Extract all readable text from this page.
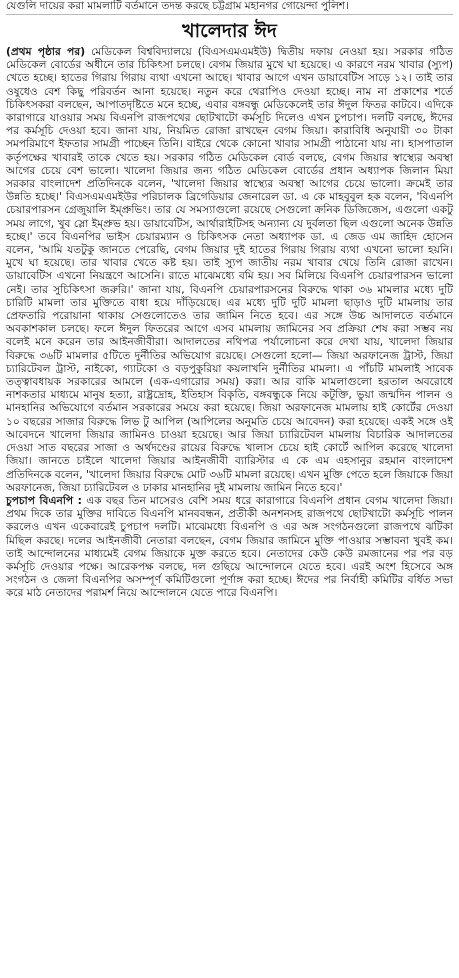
যেগুলি দায়ের করা মামলাটি বর্তমানে তদন্ত করছে চট্টগ্রাম মহানগর গোয়েন্দা পুলিশ।
খালেদার ঈদ

(প্রথম পৃষ্ঠার পর) মেডিকেল বিশ্ববিদ্যালয়ে (বিএসএমএমইউ) দ্বিতীয় দফায় নেওয়া হয়। সরকার গঠিত মেডিকেল বোর্ডের অধীনে তার চিকিৎসা চলছে। বেগম জিয়ার মুখে ঘা হয়েছে। এ কারণে নরম খাবার (স্যুপ) খেতে হচ্ছে। হাতের গিরায় গিরায় ব্যথা এখনো আছে। খাবার আগে এখন ডায়াবেটিস সাড়ে ১২। তাই তার ওষুধেও বেশ কিছু পরিবর্তন আনা হয়েছে। নতুন করে থেরাপিও দেওয়া হচ্ছে। নাম না প্রকাশের শর্তে চিকিৎসকরা বলছেন, আপাতদৃষ্টিতে মনে হচ্ছে, এবার বঙ্গবন্ধু মেডিকেলেই তার ঈদুল ফিতর কাটবে। এদিকে কারাগারে যাওয়ার সময় বিএনপি রাজপথের ছোটখাটো কর্মসূচি দিলেও এখন চুপচাপ। দলটি বলছে, ঈদের পর কর্মসূচি দেওয়া হবে। জানা যায়, নিয়মিত রোজা রাখছেন বেগম জিয়া। কারাবিধি অনুযায়ী ৩০ টাকা সমপরিমাণে ইফতার সামগ্রী পাচ্ছেন তিনি। বাইরে থেকে কোনো খাবার সামগ্রী পাঠানো যায় না। হাসপাতাল কর্তৃপক্ষের খাবারই তাকে খেতে হয়। সরকার গঠিত মেডিকেল বোর্ড বলছে, বেগম জিয়ার স্বাস্থ্যের অবস্থা আগের চেয়ে বেশ ভালো। খালেদা জিয়ার জন্য গঠিত মেডিকেল বোর্ডের প্রধান অধ্যাপক জিলান মিয়া সরকার বাংলাদেশ প্রতিদিনকে বলেন, 'খালেদা জিয়ার স্বাস্থ্যের অবস্থা আগের চেয়ে ভালো। ক্রমেই তার উন্নতি হচ্ছে।' বিএসএমএমইউর পরিচালক ব্রিগেডিয়ার জেনারেল ডা. এ কে মাহবুবুল হক বলেন, 'বিএনপি চেয়ারপারসন গ্রেজুয়ালি ইম্প্রুভিং। তার যে সমস্যাগুলো রয়েছে সেগুলো ক্রনিক ডিজিজেস, এগুলো একটু সময় লাগে, খুব স্লো ইম্প্রুভ হয়। ডায়াবেটিস, আর্থারাইটিসহ অন্যান্য যে দুর্বলতা ছিল এগুলো অনেক উন্নতি হচ্ছে।' তবে বিএনপির ভাইস চেয়ারম্যান ও চিকিৎসক নেতা অধ্যাপক ডা. এ জেড এম জাহিদ হোসেন বলেন, 'আমি যতটুকু জানতে পেরেছি, বেগম জিয়ার দুই হাতের গিরায় গিরায় ব্যথা এখনো ভালো হয়নি। মুখে ঘা হয়েছে। তার খাবার খেতে কষ্ট হয়। তাই স্যুপ জাতীয় নরম খাবার খেয়ে তিনি রোজা রাখেন। ডায়াবেটিস এখনো নিয়ন্ত্রণে আসেনি। রাতে মাঝেমধ্যে বমি হয়। সব মিলিয়ে বিএনপি চেয়ারপারসন ভালো নেই। তার সুচিকিৎসা জরুরি।' জানা যায়, বিএনপি চেয়ারপারসনের বিরুদ্ধে থাকা ৩৬ মামলার মধ্যে দুটি চারিটি মামলা তার মুক্তিতে বাধা হয়ে দাঁড়িয়েছে। এর মধ্যে দুটি দুটি মামলা ছাড়াও দুটি মামলায় তার প্রেফতারি পরোয়ানা থাকায় সেগুলোতেও তার জামিন নিতে হবে। এর সঙ্গে উচ্চ আদালতে বর্তমানে অবকাশকাল চলছে। ফলে ঈদুল ফিতরের আগে এসব মামলায় জামিনের সব প্রক্রিয়া শেষ করা সম্ভব নয় বলেই মনে করেন তার আইনজীবীরা। আদালতের নথিপত্র পর্যালোচনা করে দেখা যায়, খালেদা জিয়ার বিরুদ্ধে ৩৬টি মামলার ৫টিতে দুর্নীতির অভিযোগ রয়েছে। সেগুলো হলো— জিয়া অরফানেজ ট্রাস্ট, জিয়া চ্যারিটেবল ট্রাস্ট, নাইকো, গ্যাটকো ও বড়পুকুরিয়া কয়লাখনি দুর্নীতির মামলা। এ পাঁচটি মামলাই সাবেক তত্ত্বাবধায়ক সরকারের আমলে (এক-এগারোর সময়) করা। আর বাকি মামলাগুলো হরতাল অবরোধে নাশকতার মাধ্যমে মানুষ হত্যা, রাষ্ট্রদ্রোহ, ইতিহাস বিকৃতি, বঙ্গবন্ধুকে নিয়ে কটূক্তি, ভুয়া জন্মদিন পালন ও মানহানির অভিযোগে বর্তমান সরকারের সময়ে করা হয়েছে। জিয়া অরফানেজ মামলায় হাই কোর্টের দেওয়া ১০ বছরের সাজার বিরুদ্ধে লিভ টু আপিল (আপিলের অনুমতি চেয়ে আবেদন) করা হয়েছে। একই সঙ্গে ওই আবেদনে খালেদা জিয়ার জামিনও চাওয়া হয়েছে। আর জিয়া চ্যারিটেবল মামলায় বিচারিক আদালতের দেওয়া সাত বছরের সাজা ও অর্থদণ্ডের রায়ের বিরুদ্ধে খালাস চেয়ে হাই কোর্টে আপিল করেছে খালেদা জিয়া। জানতে চাইলে খালেদা জিয়ার আইনজীবী ব্যারিস্টার এ কে এম এহসানুর রহমান বাংলাদেশ প্রতিদিনকে বলেন, 'খালেদা জিয়ার বিরুদ্ধে মোট ৩৬টি মামলা রয়েছে। এখন মুক্তি পেতে হলে জিয়াকে জিয়া অরফানেজ, জিয়া চ্যারিটেবল ও ঢাকার মানহানির দুই মামলায় জামিন নিতে হবে।'

চুপচাপ বিএনপি : এক বছর তিন মাসেরও বেশি সময় ধরে কারাগারে বিএনপি প্রধান বেগম খালেদা জিয়া। প্রথম দিকে তার মুক্তির দাবিতে বিএনপি মানববন্ধন, প্রতীকী অনশনসহ রাজপথে ছোটখাটো কর্মসূচি পালন করলেও এখন একেবারেই চুপচাপ দলটি। মাঝেমধ্যে বিএনপি ও এর অঙ্গ সংগঠনগুলো রাজপথে ঝটিকা মিছিল করছে। দলের আইনজীবী নেতারা বলছেন, বেগম জিয়ার জামিনে মুক্তি পাওয়ার সম্ভাবনা খুবই কম। তাই আন্দোলনের মাধ্যমেই বেগম জিয়াকে মুক্ত করতে হবে। নেতাদের কেউ কেউ রমজানের পর পর বড় কর্মসূচি দেওয়ার পক্ষে। আরেকপক্ষ বলছে, দল গুছিয়ে আন্দোলনে যেতে হবে। এরই অংশ হিসেবে অঙ্গ সংগঠন ও জেলা বিএনপির অসম্পূর্ণ কমিটিগুলো পূর্ণাঙ্গ করা হচ্ছে। ঈদের পর নির্বাহী কমিটির বর্ধিত সভা করে মাঠ নেতাদের পরামর্শ নিয়ে আন্দোলনে যেতে পারে বিএনপি।
